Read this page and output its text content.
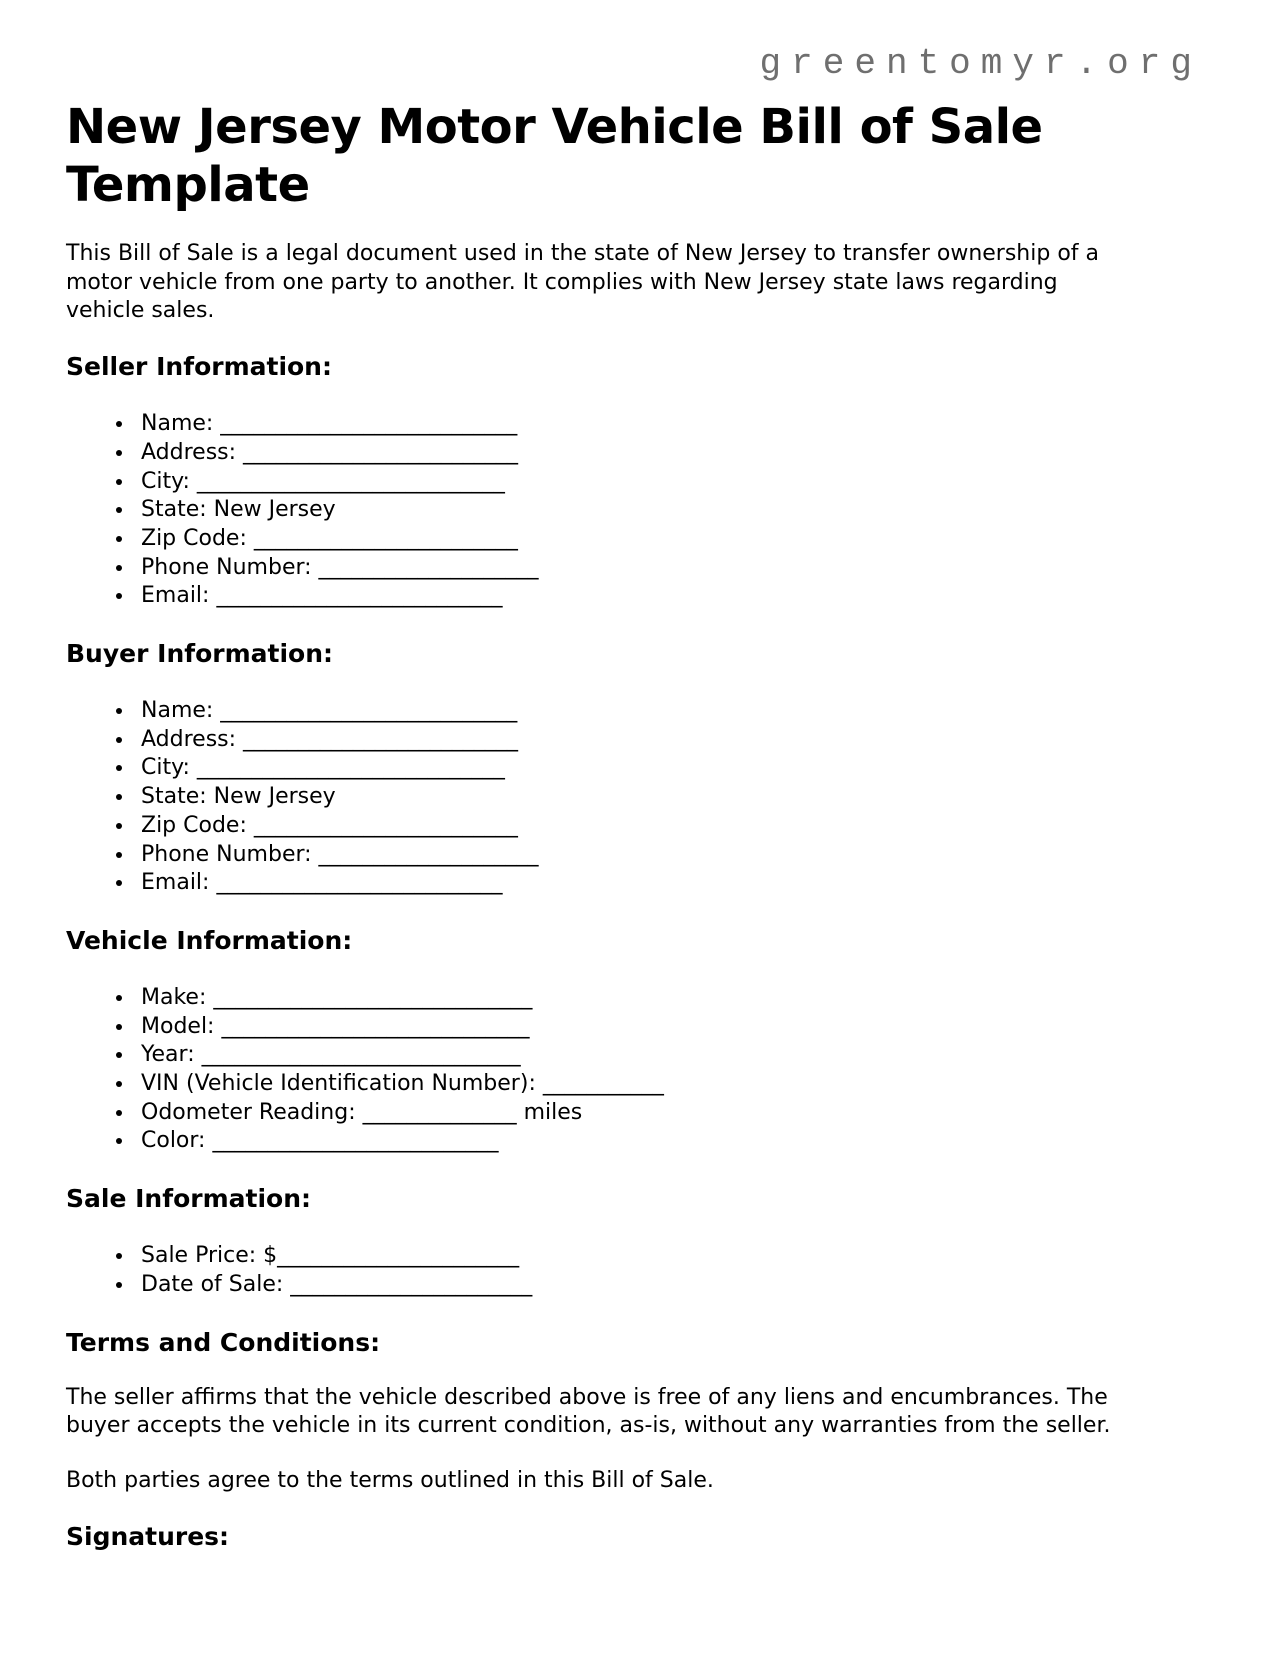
greentomyr.org
New Jersey Motor Vehicle Bill of Sale Template

This Bill of Sale is a legal document used in the state of New Jersey to transfer ownership of a motor vehicle from one party to another. It complies with New Jersey state laws regarding vehicle sales.

Seller Information:
• Name: ___________________________
• Address: _________________________
• City: ____________________________
• State: New Jersey
• Zip Code: ________________________
• Phone Number: ____________________
• Email: __________________________
Buyer Information:
• Name: ___________________________
• Address: _________________________
• City: ____________________________
• State: New Jersey
• Zip Code: ________________________
• Phone Number: ____________________
• Email: __________________________
Vehicle Information:
• Make: _____________________________
• Model: ____________________________
• Year: _____________________________
• VIN (Vehicle Identification Number): ___________
• Odometer Reading: ______________ miles
• Color: __________________________
Sale Information:
• Sale Price: $______________________
• Date of Sale: ______________________
Terms and Conditions:

The seller affirms that the vehicle described above is free of any liens and encumbrances. The buyer accepts the vehicle in its current condition, as-is, without any warranties from the seller.

Both parties agree to the terms outlined in this Bill of Sale.

Signatures:
